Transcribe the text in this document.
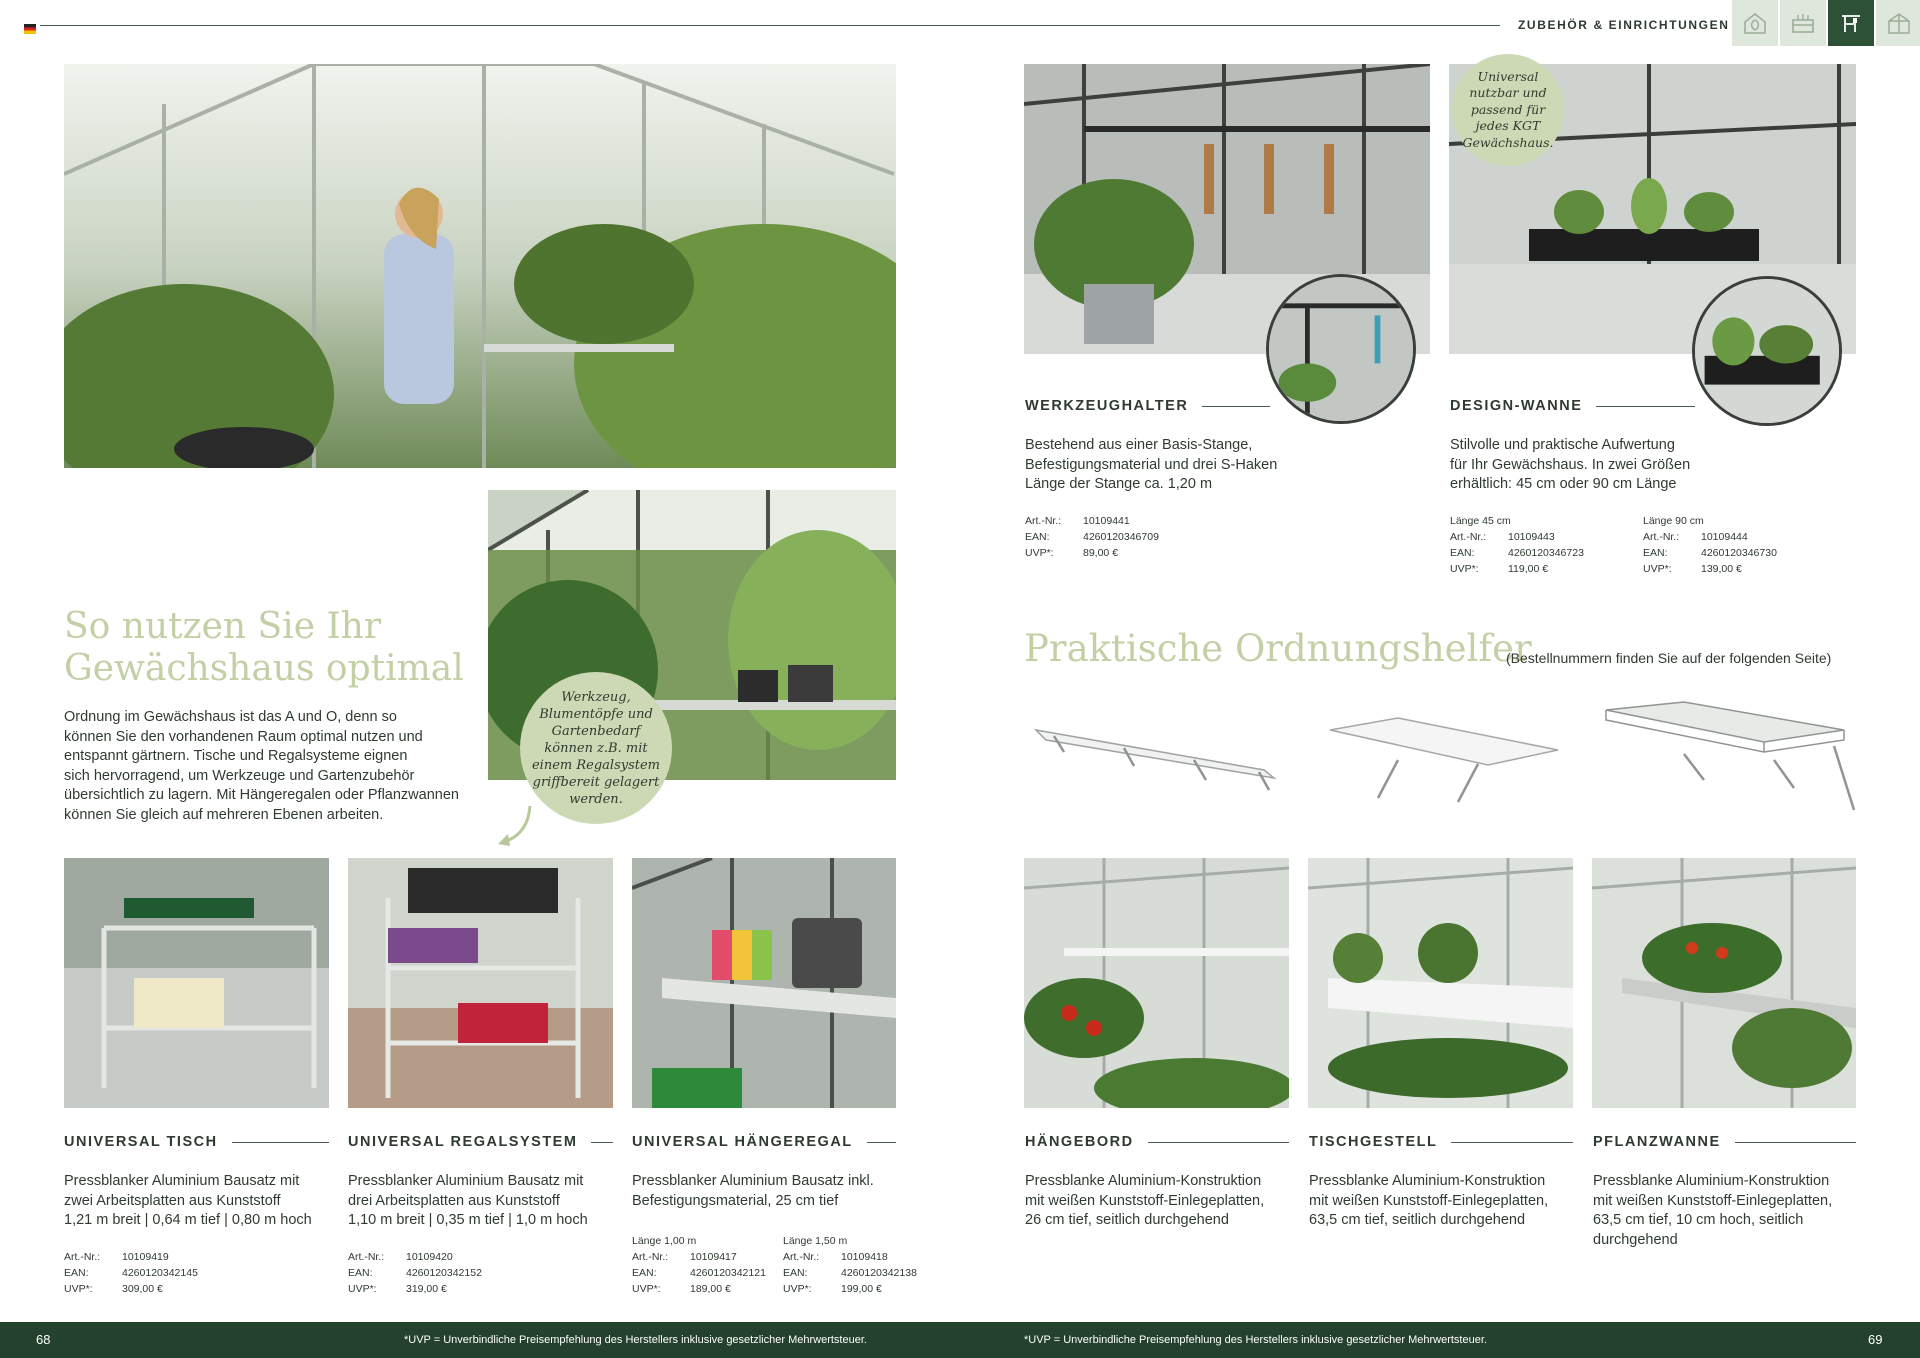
ZUBEHÖR & EINRICHTUNGEN
So nutzen Sie Ihr
Gewächshaus optimal
Ordnung im Gewächshaus ist das A und O, denn so
können Sie den vorhandenen Raum optimal nutzen und
entspannt gärtnern. Tische und Regalsysteme eignen
sich hervorragend, um Werkzeuge und Gartenzubehör
übersichtlich zu lagern. Mit Hängeregalen oder Pflanzwannen
können Sie gleich auf mehreren Ebenen arbeiten.
Werkzeug,
Blumentöpfe und
Gartenbedarf
können z.B. mit
einem Regalsystem
griffbereit gelagert
werden.
UNIVERSAL TISCH
Pressblanker Aluminium Bausatz mit
zwei Arbeitsplatten aus Kunststoff
1,21 m breit | 0,64 m tief | 0,80 m hoch
Art.-Nr.: 10109419
EAN:	4260120342145
UVP*:	309,00 €
UNIVERSAL REGALSYSTEM
Pressblanker Aluminium Bausatz mit
drei Arbeitsplatten aus Kunststoff
1,10 m breit | 0,35 m tief | 1,0 m hoch
Art.-Nr.: 10109420
EAN:	4260120342152
UVP*:	319,00 €
UNIVERSAL HÄNGEREGAL
Pressblanker Aluminium Bausatz inkl.
Befestigungsmaterial, 25 cm tief
Länge 1,00 m
Art.-Nr.: 10109417
EAN:	4260120342121
UVP*:	189,00 €
Länge 1,50 m
Art.-Nr.: 10109418
EAN:	4260120342138
UVP*:	199,00 €
Universal
nutzbar und
passend für
jedes KGT
Gewächshaus.
WERKZEUGHALTER
Bestehend aus einer Basis-Stange,
Befestigungsmaterial und drei S-Haken
Länge der Stange ca. 1,20 m
Art.-Nr.: 10109441
EAN:	4260120346709
UVP*:	89,00 €
DESIGN-WANNE
Stilvolle und praktische Aufwertung
für Ihr Gewächshaus. In zwei Größen
erhältlich: 45 cm oder 90 cm Länge
Länge 45 cm
Art.-Nr.: 10109443
EAN:	4260120346723
UVP*:	119,00 €
Länge 90 cm
Art.-Nr.: 10109444
EAN:	4260120346730
UVP*:	139,00 €
Praktische Ordnungshelfer
(Bestellnummern finden Sie auf der folgenden Seite)
HÄNGEBORD
Pressblanke Aluminium-Konstruktion
mit weißen Kunststoff-Einlegeplatten,
26 cm tief, seitlich durchgehend
TISCHGESTELL
Pressblanke Aluminium-Konstruktion
mit weißen Kunststoff-Einlegeplatten,
63,5 cm tief, seitlich durchgehend
PFLANZWANNE
Pressblanke Aluminium-Konstruktion
mit weißen Kunststoff-Einlegeplatten,
63,5 cm tief, 10 cm hoch, seitlich
durchgehend
68	*UVP = Unverbindliche Preisempfehlung des Herstellers inklusive gesetzlicher Mehrwertsteuer.	*UVP = Unverbindliche Preisempfehlung des Herstellers inklusive gesetzlicher Mehrwertsteuer.	69
